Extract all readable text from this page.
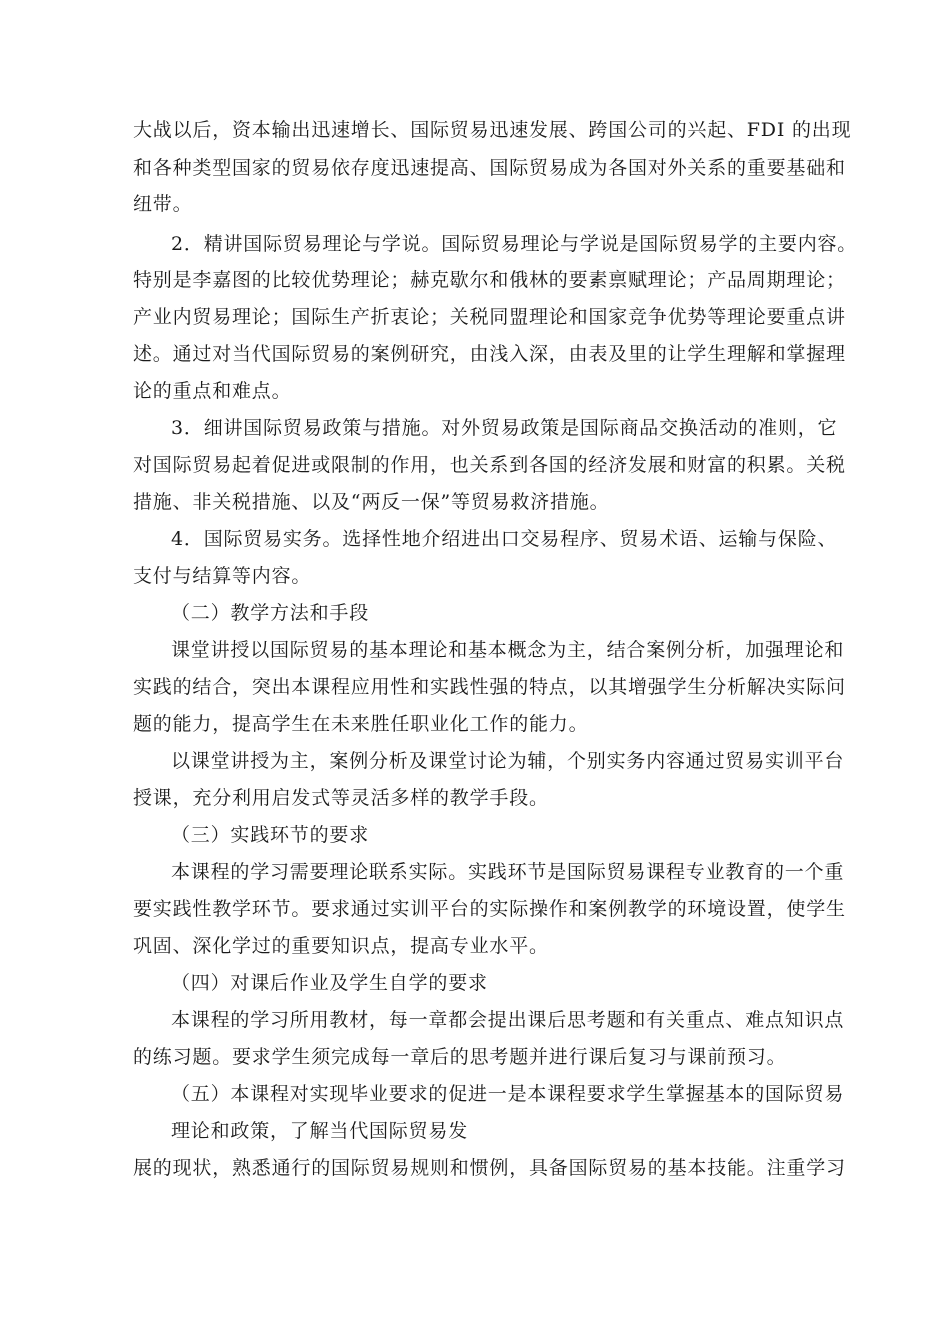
大战以后，资本输出迅速增长、国际贸易迅速发展、跨国公司的兴起、FDI 的出现
和各种类型国家的贸易依存度迅速提高、国际贸易成为各国对外关系的重要基础和
纽带。
2．精讲国际贸易理论与学说。国际贸易理论与学说是国际贸易学的主要内容。
特别是李嘉图的比较优势理论；赫克歇尔和俄林的要素禀赋理论；产品周期理论；
产业内贸易理论；国际生产折衷论；关税同盟理论和国家竞争优势等理论要重点讲
述。通过对当代国际贸易的案例研究，由浅入深，由表及里的让学生理解和掌握理
论的重点和难点。
3．细讲国际贸易政策与措施。对外贸易政策是国际商品交换活动的准则，它
对国际贸易起着促进或限制的作用，也关系到各国的经济发展和财富的积累。关税
措施、非关税措施、以及“两反一保”等贸易救济措施。
4．国际贸易实务。选择性地介绍进出口交易程序、贸易术语、运输与保险、
支付与结算等内容。
（二）教学方法和手段
课堂讲授以国际贸易的基本理论和基本概念为主，结合案例分析，加强理论和
实践的结合，突出本课程应用性和实践性强的特点，以其增强学生分析解决实际问
题的能力，提高学生在未来胜任职业化工作的能力。
以课堂讲授为主，案例分析及课堂讨论为辅，个别实务内容通过贸易实训平台
授课，充分利用启发式等灵活多样的教学手段。
（三）实践环节的要求
本课程的学习需要理论联系实际。实践环节是国际贸易课程专业教育的一个重
要实践性教学环节。要求通过实训平台的实际操作和案例教学的环境设置，使学生
巩固、深化学过的重要知识点，提高专业水平。
（四）对课后作业及学生自学的要求
本课程的学习所用教材，每一章都会提出课后思考题和有关重点、难点知识点
的练习题。要求学生须完成每一章后的思考题并进行课后复习与课前预习。
（五）本课程对实现毕业要求的促进一是本课程要求学生掌握基本的国际贸易
理论和政策，了解当代国际贸易发
展的现状，熟悉通行的国际贸易规则和惯例，具备国际贸易的基本技能。注重学习
